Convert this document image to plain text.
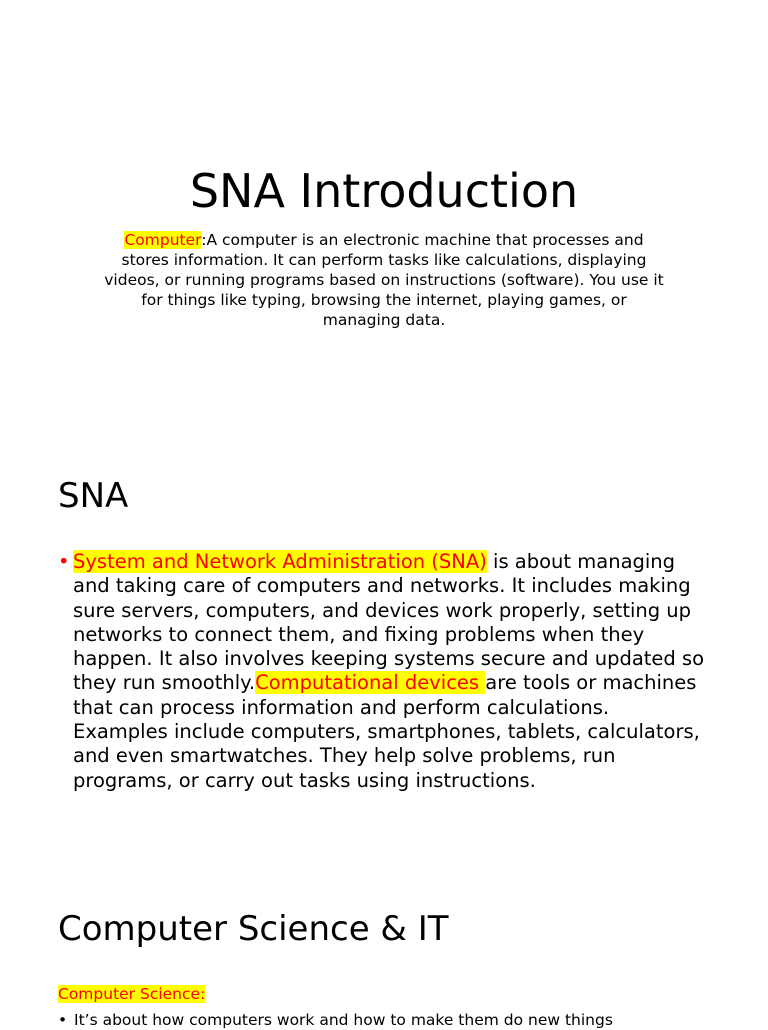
SNA Introduction

Computer:A computer is an electronic machine that processes and stores information. It can perform tasks like calculations, displaying videos, or running programs based on instructions (software). You use it for things like typing, browsing the internet, playing games, or managing data.

SNA
• System and Network Administration (SNA) is about managing and taking care of computers and networks. It includes making sure servers, computers, and devices work properly, setting up networks to connect them, and fixing problems when they happen. It also involves keeping systems secure and updated so they run smoothly.Computational devices are tools or machines that can process information and perform calculations. Examples include computers, smartphones, tablets, calculators, and even smartwatches. They help solve problems, run programs, or carry out tasks using instructions.
Computer Science & IT

Computer Science:

• It’s about how computers work and how to make them do new things
